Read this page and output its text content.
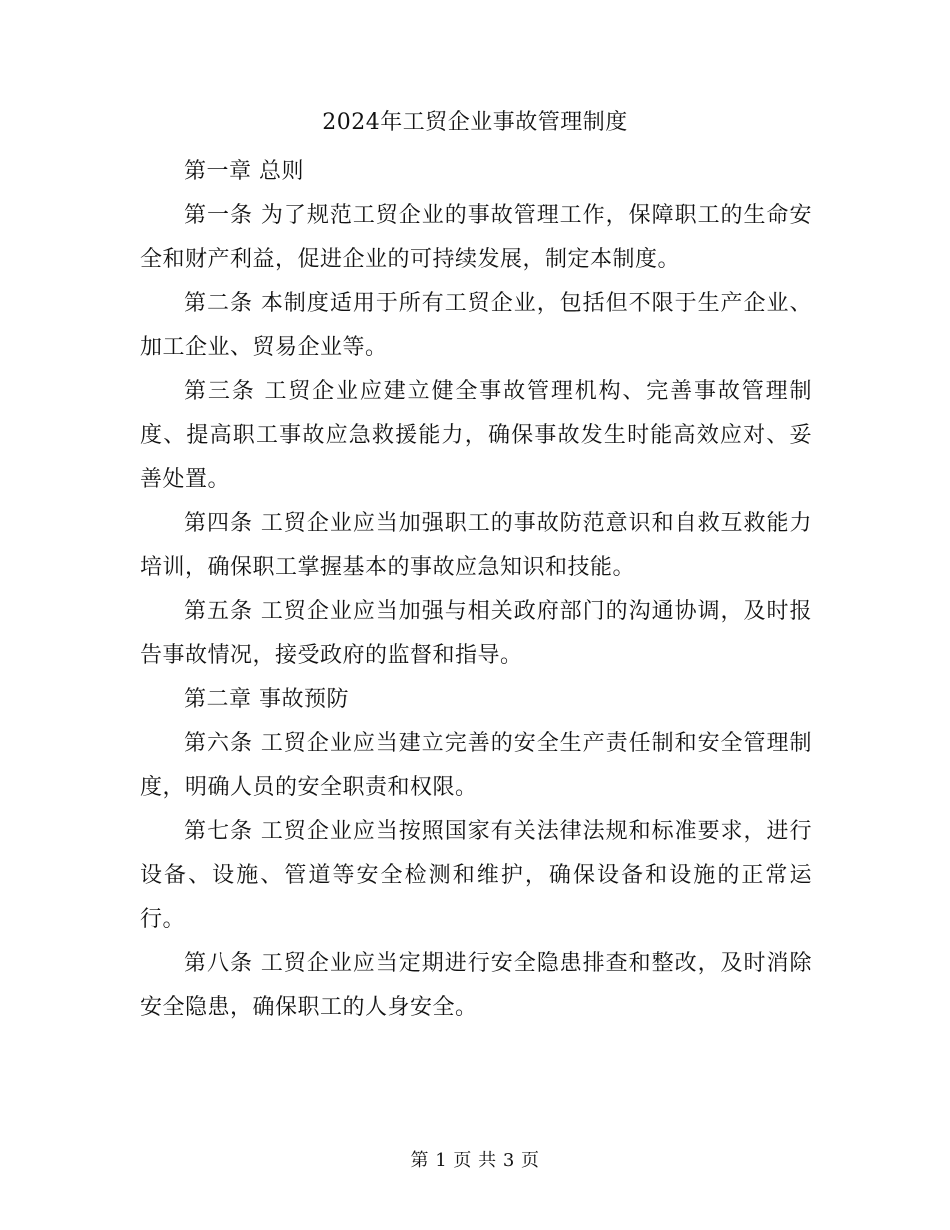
2024年工贸企业事故管理制度

第一章 总则

第一条 为了规范工贸企业的事故管理工作，保障职工的生命安全和财产利益，促进企业的可持续发展，制定本制度。

第二条 本制度适用于所有工贸企业，包括但不限于生产企业、加工企业、贸易企业等。

第三条 工贸企业应建立健全事故管理机构、完善事故管理制度、提高职工事故应急救援能力，确保事故发生时能高效应对、妥善处置。

第四条 工贸企业应当加强职工的事故防范意识和自救互救能力培训，确保职工掌握基本的事故应急知识和技能。

第五条 工贸企业应当加强与相关政府部门的沟通协调，及时报告事故情况，接受政府的监督和指导。

第二章 事故预防

第六条 工贸企业应当建立完善的安全生产责任制和安全管理制度，明确人员的安全职责和权限。

第七条 工贸企业应当按照国家有关法律法规和标准要求，进行设备、设施、管道等安全检测和维护，确保设备和设施的正常运行。

第八条 工贸企业应当定期进行安全隐患排查和整改，及时消除安全隐患，确保职工的人身安全。

第 1 页 共 3 页
